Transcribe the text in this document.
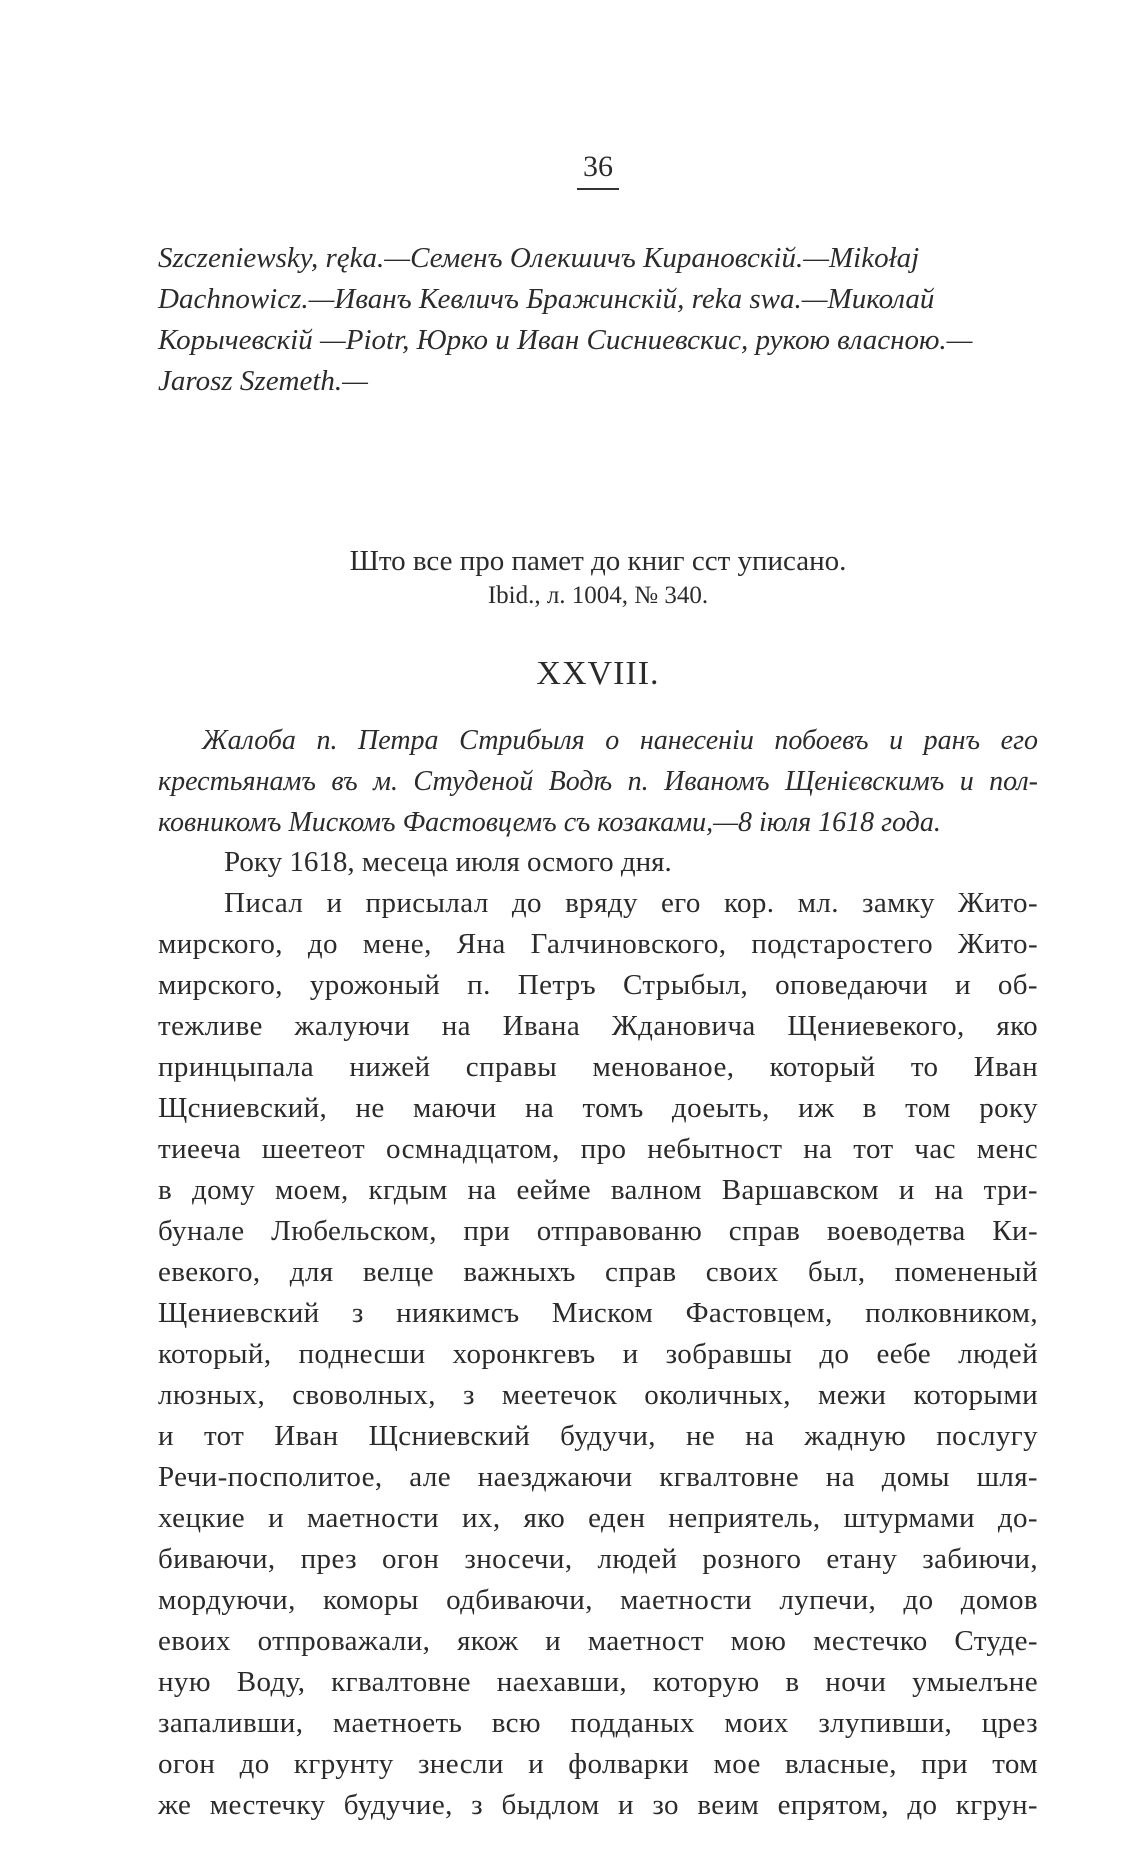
36
Szczeniewsky, ręka.—Семенъ Олекшичъ Кирановскій.—Mikołaj
Dachnowicz.—Иванъ Кевличъ Бражинскій, reka swa.—Миколай
Корычевскій —Piotr, Юрко и Иван Сисниевскис, рукою власною.—
Jarosz Szemeth.—
Што все про памет до книг сст уписано.
Ibid., л. 1004, № 340.
XXVIII.
Жалоба п. Петра Стрибыля о нанесеніи побоевъ и ранъ его
крестьянамъ въ м. Студеной Водѣ п. Иваномъ Щенієвскимъ и пол-
ковникомъ Мискомъ Фастовцемъ съ козаками,—8 іюля 1618 года.
Року 1618, месеца июля осмого дня.
Писал и присылал до вряду его кор. мл. замку Жито-
мирского, до мене, Яна Галчиновского, подстаростего Жито-
мирского, урожоный п. Петръ Стрыбыл, оповедаючи и об-
тежливе жалуючи на Ивана Ждановича Щениевекого, яко
принцыпала нижей справы менованое, который то Иван
Щсниевский, не маючи на томъ доеыть, иж в том року
тиееча шеетеот осмнадцатом, про небытност на тот час менс
в дому моем, кгдым на еейме валном Варшавском и на три-
бунале Любельском, при отправованю справ воеводетва Ки-
евекого, для велце важныхъ справ своих был, помененый
Щениевский з ниякимсъ Миском Фастовцем, полковником,
который, поднесши хоронкгевъ и зобравшы до еебе людей
люзных, своволных, з меетечок околичных, межи которыми
и тот Иван Щсниевский будучи, не на жадную послугу
Речи-посполитое, але наезджаючи кгвалтовне на домы шля-
хецкие и маетности их, яко еден неприятель, штурмами до-
биваючи, през огон зносечи, людей розного етану забиючи,
мордуючи, коморы одбиваючи, маетности лупечи, до домов
евоих отпроважали, якож и маетност мою местечко Студе-
ную Воду, кгвалтовне наехавши, которую в ночи умыелъне
запаливши, маетноеть всю подданых моих злупивши, црез
огон до кгрунту знесли и фолварки мое власные, при том
же местечку будучие, з быдлом и зо веим епрятом, до кгрун-
